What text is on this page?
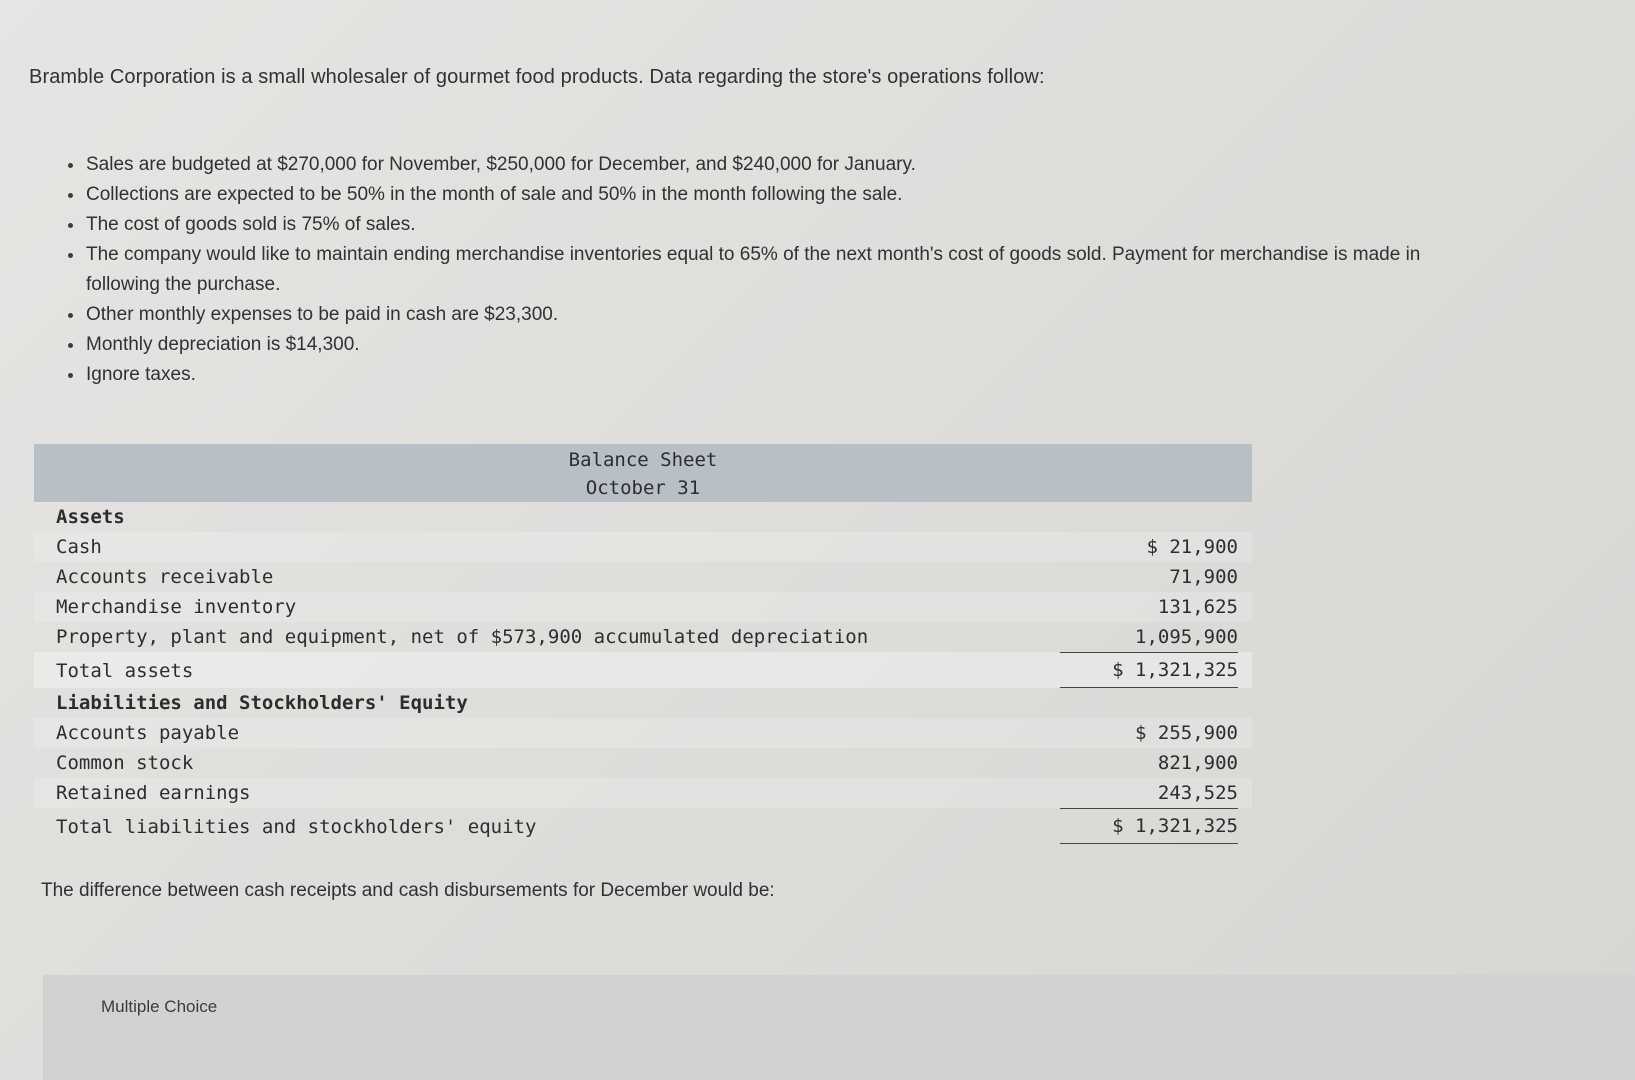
Bramble Corporation is a small wholesaler of gourmet food products. Data regarding the store's operations follow:

Sales are budgeted at $270,000 for November, $250,000 for December, and $240,000 for January.
Collections are expected to be 50% in the month of sale and 50% in the month following the sale.
The cost of goods sold is 75% of sales.
The company would like to maintain ending merchandise inventories equal to 65% of the next month's cost of goods sold. Payment for merchandise is made in
following the purchase.
Other monthly expenses to be paid in cash are $23,300.
Monthly depreciation is $14,300.
Ignore taxes.
Balance Sheet
October 31
Assets
Cash	$ 21,900
Accounts receivable	71,900
Merchandise inventory	131,625
Property, plant and equipment, net of $573,900 accumulated depreciation	1,095,900
Total assets	$ 1,321,325
Liabilities and Stockholders' Equity
Accounts payable	$ 255,900
Common stock	821,900
Retained earnings	243,525
Total liabilities and stockholders' equity	$ 1,321,325

The difference between cash receipts and cash disbursements for December would be:

Multiple Choice
